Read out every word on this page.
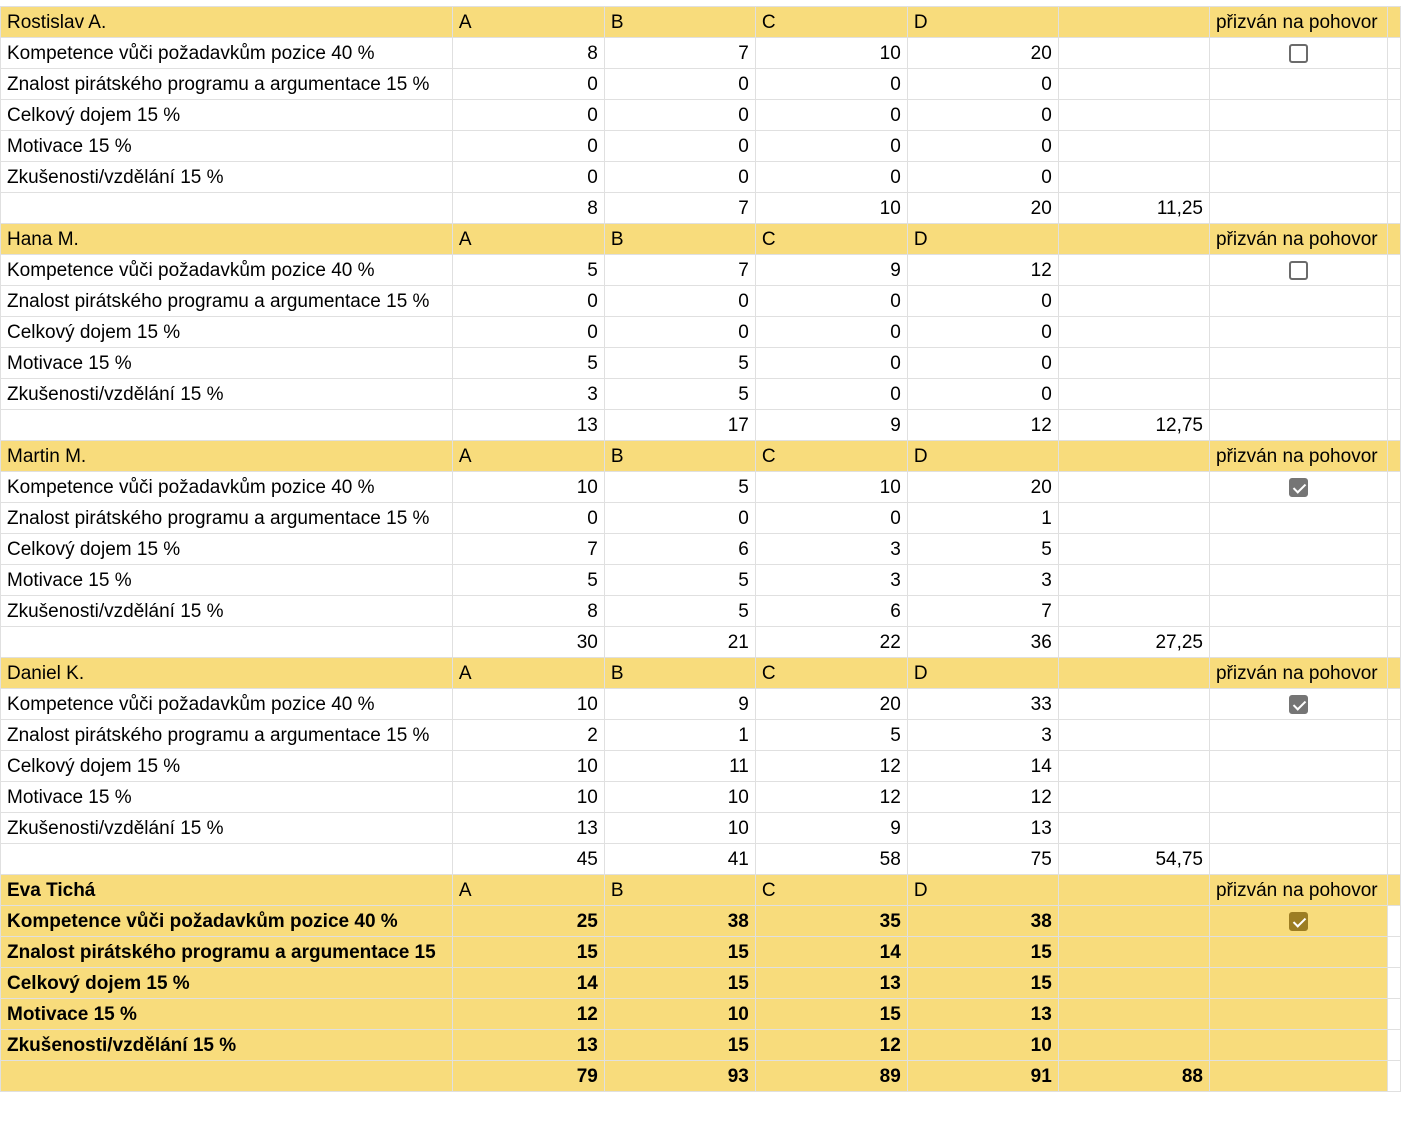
Rostislav A.	A	B	C	D		přizván na pohovor	
Kompetence vůči požadavkům pozice 40 %	8	7	10	20			
Znalost pirátského programu a argumentace 15 %	0	0	0	0			
Celkový dojem 15 %	0	0	0	0			
Motivace 15 %	0	0	0	0			
Zkušenosti/vzdělání 15 %	0	0	0	0			
	8	7	10	20	11,25		
Hana M.	A	B	C	D		přizván na pohovor	
Kompetence vůči požadavkům pozice 40 %	5	7	9	12			
Znalost pirátského programu a argumentace 15 %	0	0	0	0			
Celkový dojem 15 %	0	0	0	0			
Motivace 15 %	5	5	0	0			
Zkušenosti/vzdělání 15 %	3	5	0	0			
	13	17	9	12	12,75		
Martin M.	A	B	C	D		přizván na pohovor	
Kompetence vůči požadavkům pozice 40 %	10	5	10	20			
Znalost pirátského programu a argumentace 15 %	0	0	0	1			
Celkový dojem 15 %	7	6	3	5			
Motivace 15 %	5	5	3	3			
Zkušenosti/vzdělání 15 %	8	5	6	7			
	30	21	22	36	27,25		
Daniel K.	A	B	C	D		přizván na pohovor	
Kompetence vůči požadavkům pozice 40 %	10	9	20	33			
Znalost pirátského programu a argumentace 15 %	2	1	5	3			
Celkový dojem 15 %	10	11	12	14			
Motivace 15 %	10	10	12	12			
Zkušenosti/vzdělání 15 %	13	10	9	13			
	45	41	58	75	54,75		
Eva Tichá	A	B	C	D		přizván na pohovor	
Kompetence vůči požadavkům pozice 40 %	25	38	35	38			
Znalost pirátského programu a argumentace 15	15	15	14	15			
Celkový dojem 15 %	14	15	13	15			
Motivace 15 %	12	10	15	13			
Zkušenosti/vzdělání 15 %	13	15	12	10			
	79	93	89	91	88		
